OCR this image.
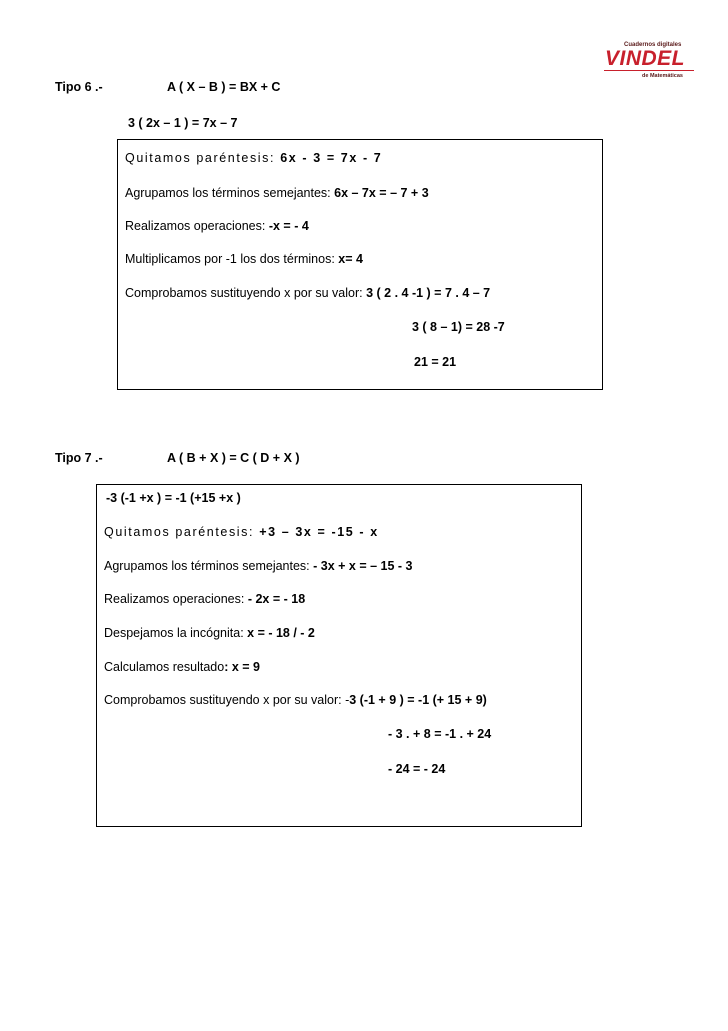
Cuadernos digitales
VINDEL
de Matemáticas
Tipo 6 .-	A ( X – B ) = BX + C
3 ( 2x – 1 ) = 7x – 7
Quitamos paréntesis: 6x - 3 = 7x - 7
Agrupamos los términos semejantes: 6x – 7x = – 7 + 3
Realizamos operaciones: -x = - 4
Multiplicamos por -1 los dos términos: x= 4
Comprobamos sustituyendo x por su valor: 3 ( 2 . 4 -1 ) = 7 . 4 – 7
3 ( 8 – 1) = 28 -7
21 = 21
Tipo 7 .-	A ( B + X ) = C ( D + X )
-3 (-1 +x ) = -1 (+15 +x )
Quitamos paréntesis: +3 – 3x = -15 - x
Agrupamos los términos semejantes: - 3x + x = – 15 - 3
Realizamos operaciones: - 2x = - 18
Despejamos la incógnita: x = - 18 / - 2
Calculamos resultado: x = 9
Comprobamos sustituyendo x por su valor: -3 (-1 + 9 ) = -1 (+ 15 + 9)
- 3 . + 8 = -1 . + 24
- 24 = - 24
